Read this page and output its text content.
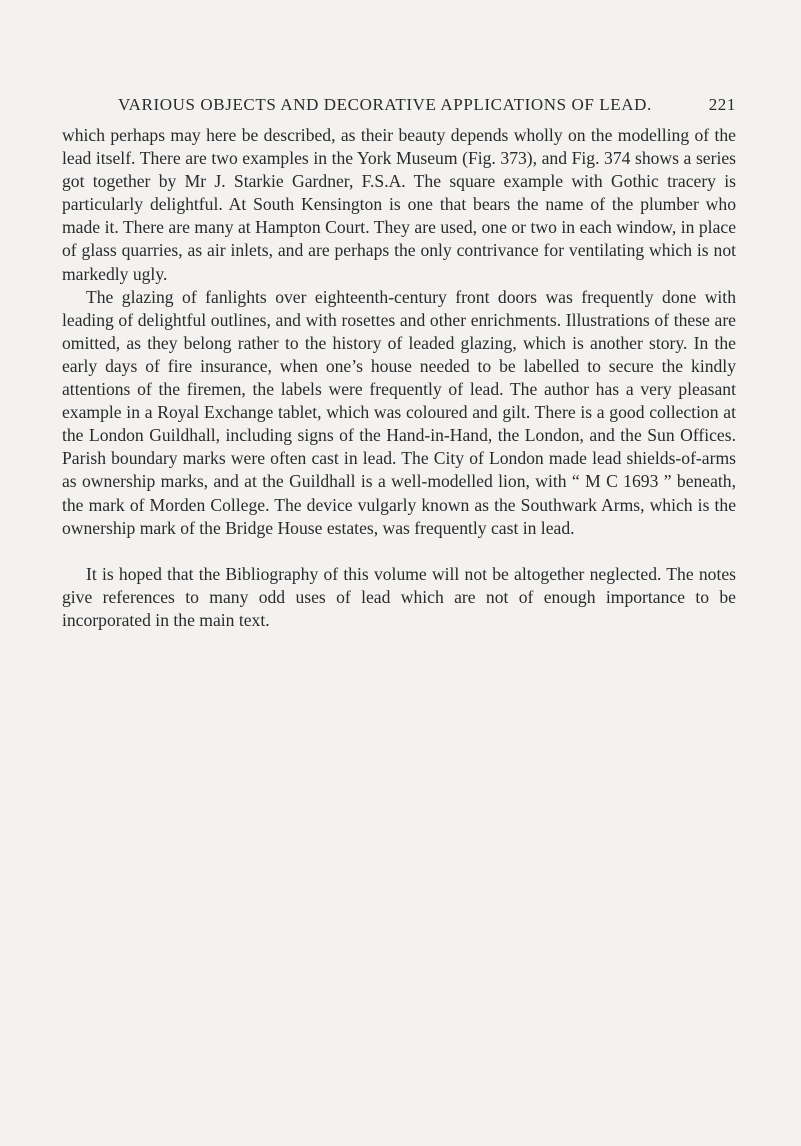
VARIOUS OBJECTS AND DECORATIVE APPLICATIONS OF LEAD.	221

which perhaps may here be described, as their beauty depends wholly on the modelling of the lead itself. There are two examples in the York Museum (Fig. 373), and Fig. 374 shows a series got together by Mr J. Starkie Gardner, F.S.A. The square example with Gothic tracery is particularly delightful. At South Kensington is one that bears the name of the plumber who made it. There are many at Hampton Court. They are used, one or two in each window, in place of glass quarries, as air inlets, and are perhaps the only contrivance for ventilating which is not markedly ugly.

The glazing of fanlights over eighteenth-century front doors was frequently done with leading of delightful outlines, and with rosettes and other enrichments. Illustrations of these are omitted, as they belong rather to the history of leaded glazing, which is another story. In the early days of fire insurance, when one’s house needed to be labelled to secure the kindly attentions of the firemen, the labels were frequently of lead. The author has a very pleasant example in a Royal Exchange tablet, which was coloured and gilt. There is a good collection at the London Guildhall, including signs of the Hand-in-Hand, the London, and the Sun Offices. Parish boundary marks were often cast in lead. The City of London made lead shields-of-arms as ownership marks, and at the Guildhall is a well-modelled lion, with “ M C 1693 ” beneath, the mark of Morden College. The device vulgarly known as the Southwark Arms, which is the ownership mark of the Bridge House estates, was frequently cast in lead.

It is hoped that the Bibliography of this volume will not be altogether neglected. The notes give references to many odd uses of lead which are not of enough importance to be incorporated in the main text.
